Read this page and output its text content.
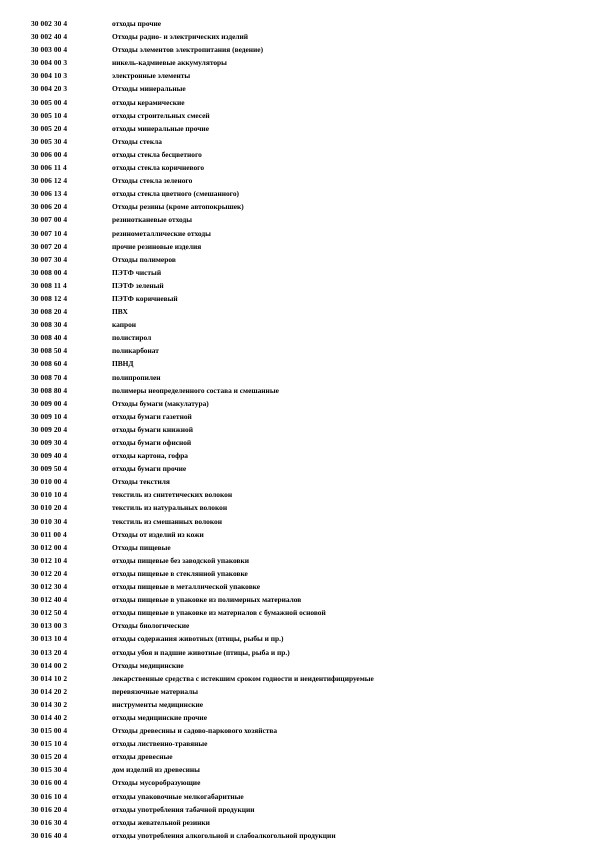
30 002 30 4	отходы прочие
30 002 40 4	Отходы радио- и электрических изделий
30 003 00 4	Отходы элементов электропитания (ведение)
30 004 00 3	никель-кадмиевые аккумуляторы
30 004 10 3	электронные элементы
30 004 20 3	Отходы минеральные
30 005 00 4	отходы керамические
30 005 10 4	отходы строительных смесей
30 005 20 4	отходы минеральные прочие
30 005 30 4	Отходы стекла
30 006 00 4	отходы стекла бесцветного
30 006 11 4	отходы стекла коричневого
30 006 12 4	Отходы стекла зеленого
30 006 13 4	отходы стекла цветного (смешанного)
30 006 20 4	Отходы резины (кроме автопокрышек)
30 007 00 4	резинотканевые отходы
30 007 10 4	резинометаллические отходы
30 007 20 4	прочие резиновые изделия
30 007 30 4	Отходы полимеров
30 008 00 4	ПЭТФ чистый
30 008 11 4	ПЭТФ зеленый
30 008 12 4	ПЭТФ коричневый
30 008 20 4	ПВХ
30 008 30 4	капрон
30 008 40 4	полистирол
30 008 50 4	поликарбонат
30 008 60 4	ПВНД
30 008 70 4	полипропилен
30 008 80 4	полимеры неопределенного состава и смешанные
30 009 00 4	Отходы бумаги (макулатура)
30 009 10 4	отходы бумаги газетной
30 009 20 4	отходы бумаги книжной
30 009 30 4	отходы бумаги офисной
30 009 40 4	отходы картона, гофра
30 009 50 4	отходы бумаги прочие
30 010 00 4	Отходы текстиля
30 010 10 4	текстиль из синтетических волокон
30 010 20 4	текстиль из натуральных волокон
30 010 30 4	текстиль из смешанных волокон
30 011 00 4	Отходы от изделий из кожи
30 012 00 4	Отходы пищевые
30 012 10 4	отходы пищевые без заводской упаковки
30 012 20 4	отходы пищевые в стеклянной упаковке
30 012 30 4	отходы пищевые в металлической упаковке
30 012 40 4	отходы пищевые в упаковке из полимерных материалов
30 012 50 4	отходы пищевые в упаковке из материалов с бумажной основой
30 013 00 3	Отходы биологические
30 013 10 4	отходы содержания животных (птицы, рыбы и пр.)
30 013 20 4	отходы убоя и падшие животные (птицы, рыба и пр.)
30 014 00 2	Отходы медицинские
30 014 10 2	лекарственные средства с истекшим сроком годности и неидентифицируемые
30 014 20 2	перевязочные материалы
30 014 30 2	инструменты медицинские
30 014 40 2	отходы медицинские прочие
30 015 00 4	Отходы древесины и садово-паркового хозяйства
30 015 10 4	отходы лиственно-травяные
30 015 20 4	отходы древесные
30 015 30 4	дом изделий из древесины
30 016 00 4	Отходы мусоробразующие
30 016 10 4	отходы упаковочные мелкогабаритные
30 016 20 4	отходы употребления табачной продукции
30 016 30 4	отходы жевательной резинки
30 016 40 4	отходы употребления алкогольной и слабоалкогольной продукции
